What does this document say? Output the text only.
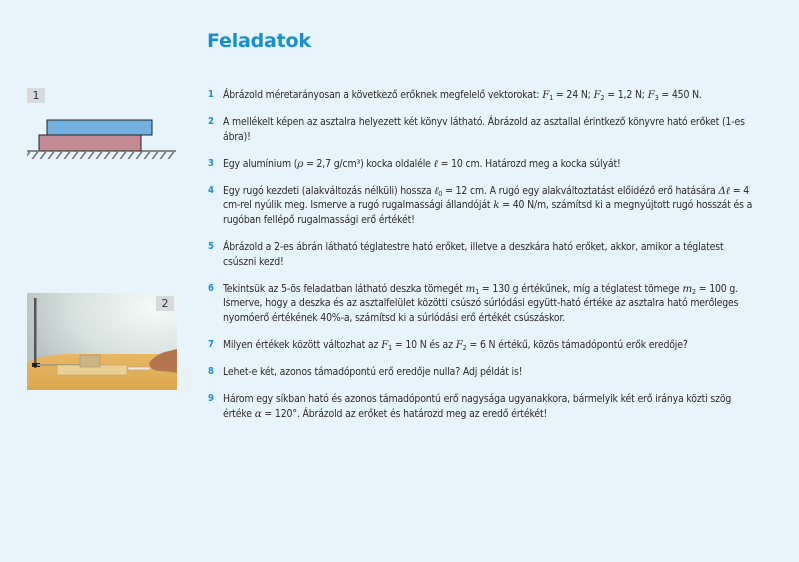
Feladatok
1
2
1 Ábrázold méretarányosan a következő erőknek megfelelő vektorokat: $F_1 = 24$ N; $F_2 = 1,2$ N; $F_3 = 450$ N.
2 A mellékelt képen az asztalra helyezett két könyv látható. Ábrázold az asztallal érintkező könyvre ható erőket (1-es ábra)!
3 Egy alumínium (ρ = 2,7 g/cm³) kocka oldaléle ℓ = 10 cm. Határozd meg a kocka súlyát!
4 Egy rugó kezdeti (alakváltozás nélküli) hossza ℓ$_0$ = 12 cm. A rugó egy alakváltoztatást előidéző erő hatására Δℓ = 4 cm-rel nyúlik meg. Ismerve a rugó rugalmassági állandóját k = 40 N/m, számítsd ki a megnyújtott rugó hosszát és a rugóban fellépő rugalmassági erő értékét!
5 Ábrázold a 2-es ábrán látható téglatestre ható erőket, illetve a deszkára ható erőket, akkor, amikor a téglatest csúszni kezd!
6 Tekintsük az 5-ös feladatban látható deszka tömegét $m_1 = 130$ g értékűnek, míg a téglatest tömege $m_2 = 100$ g. Ismerve, hogy a deszka és az asztalfelület közötti csúszó súrlódási együtt-ható értéke az asztalra ható merőleges nyomóerő értékének 40%-a, számítsd ki a súrlódási erő értékét csúszáskor.
7 Milyen értékek között változhat az $F_1 = 10$ N és az $F_2 = 6$ N értékű, közös támadópontú erők eredője?
8 Lehet-e két, azonos támadópontú erő eredője nulla? Adj példát is!
9 Három egy síkban ható és azonos támadópontú erő nagysága ugyanakkora, bármelyik két erő iránya közti szög értéke α = 120°. Ábrázold az erőket és határozd meg az eredő értékét!
